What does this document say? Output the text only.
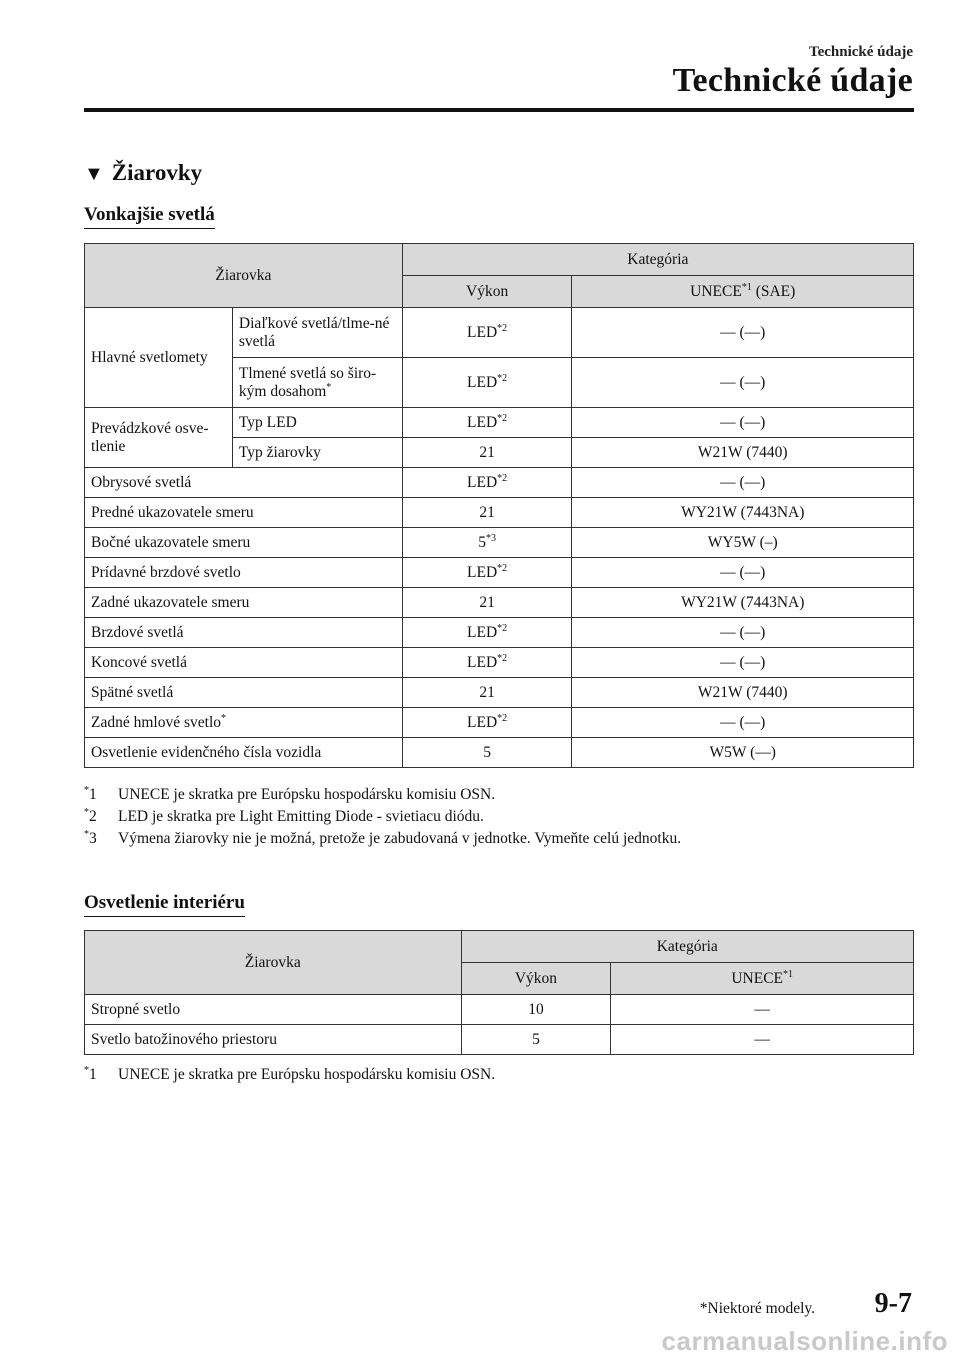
Technické údaje
Technické údaje
▼ Žiarovky
Vonkajšie svetlá
Žiarovka		Kategória	
		Výkon	UNECE$^{*1}$ (SAE)
Hlavné svetlomety	Diaľkové svetlá/tlme-né svetlá	LED$^{*2}$	— (—)
	Tlmené svetlá so širo-kým dosahom*	LED$^{*2}$	— (—)
Prevádzkové osve-tlenie	Typ LED	LED$^{*2}$	— (—)
	Typ žiarovky	21	W21W (7440)
Obrysové svetlá		LED$^{*2}$	— (—)
Predné ukazovatele smeru		21	WY21W (7443NA)
Bočné ukazovatele smeru		5$^{*3}$	WY5W (–)
Prídavné brzdové svetlo		LED$^{*2}$	— (—)
Zadné ukazovatele smeru		21	WY21W (7443NA)
Brzdové svetlá		LED$^{*2}$	— (—)
Koncové svetlá		LED$^{*2}$	— (—)
Spätné svetlá		21	W21W (7440)
Zadné hmlové svetlo*		LED$^{*2}$	— (—)
Osvetlenie evidenčného čísla vozidla		5	W5W (—)
*1 UNECE je skratka pre Európsku hospodársku komisiu OSN.
*2 LED je skratka pre Light Emitting Diode - svietiacu diódu.
*3 Výmena žiarovky nie je možná, pretože je zabudovaná v jednotke. Vymeňte celú jednotku.
Osvetlenie interiéru
Žiarovka	Kategória	
	Výkon	UNECE$^{*1}$
Stropné svetlo	10	—
Svetlo batožinového priestoru	5	—
*1 UNECE je skratka pre Európsku hospodársku komisiu OSN.
*Niektoré modely. 9-7
carmanualsonline.info
